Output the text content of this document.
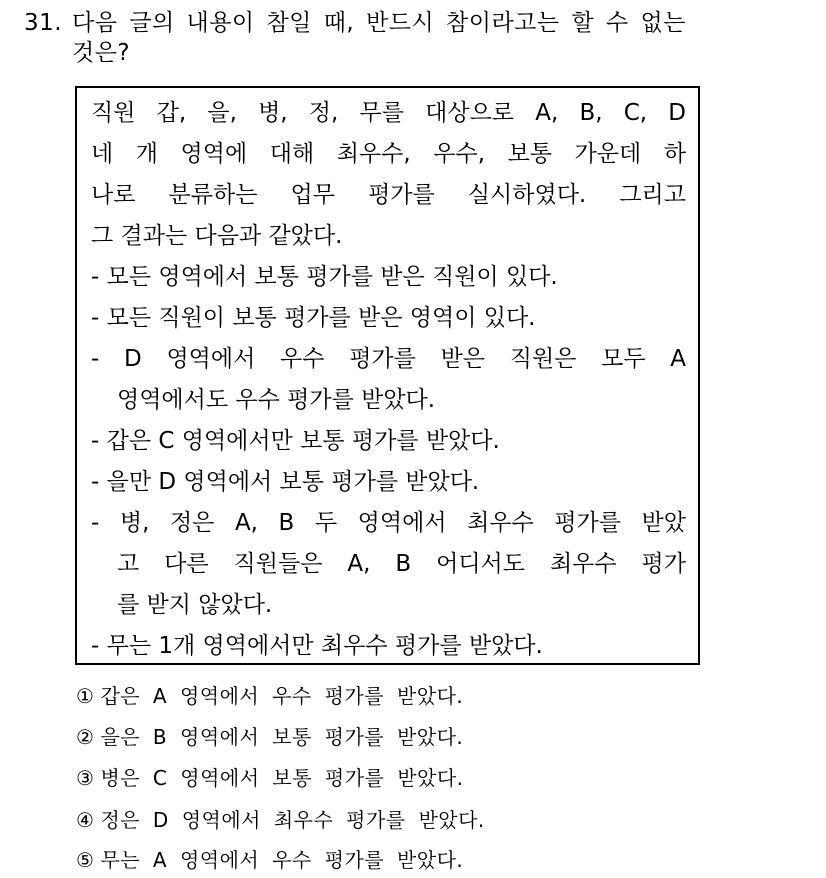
31. 다음 글의 내용이 참일 때, 반드시 참이라고는 할 수 없는
것은?
직원 갑, 을, 병, 정, 무를 대상으로 A, B, C, D
네 개 영역에 대해 최우수, 우수, 보통 가운데 하
나로 분류하는 업무 평가를 실시하였다. 그리고
그 결과는 다음과 같았다.
- 모든 영역에서 보통 평가를 받은 직원이 있다.
- 모든 직원이 보통 평가를 받은 영역이 있다.
- D 영역에서 우수 평가를 받은 직원은 모두 A
영역에서도 우수 평가를 받았다.
- 갑은 C 영역에서만 보통 평가를 받았다.
- 을만 D 영역에서 보통 평가를 받았다.
- 병, 정은 A, B 두 영역에서 최우수 평가를 받았
고 다른 직원들은 A, B 어디서도 최우수 평가
를 받지 않았다.
- 무는 1개 영역에서만 최우수 평가를 받았다.
① 갑은 A 영역에서 우수 평가를 받았다.
② 을은 B 영역에서 보통 평가를 받았다.
③ 병은 C 영역에서 보통 평가를 받았다.
④ 정은 D 영역에서 최우수 평가를 받았다.
⑤ 무는 A 영역에서 우수 평가를 받았다.
